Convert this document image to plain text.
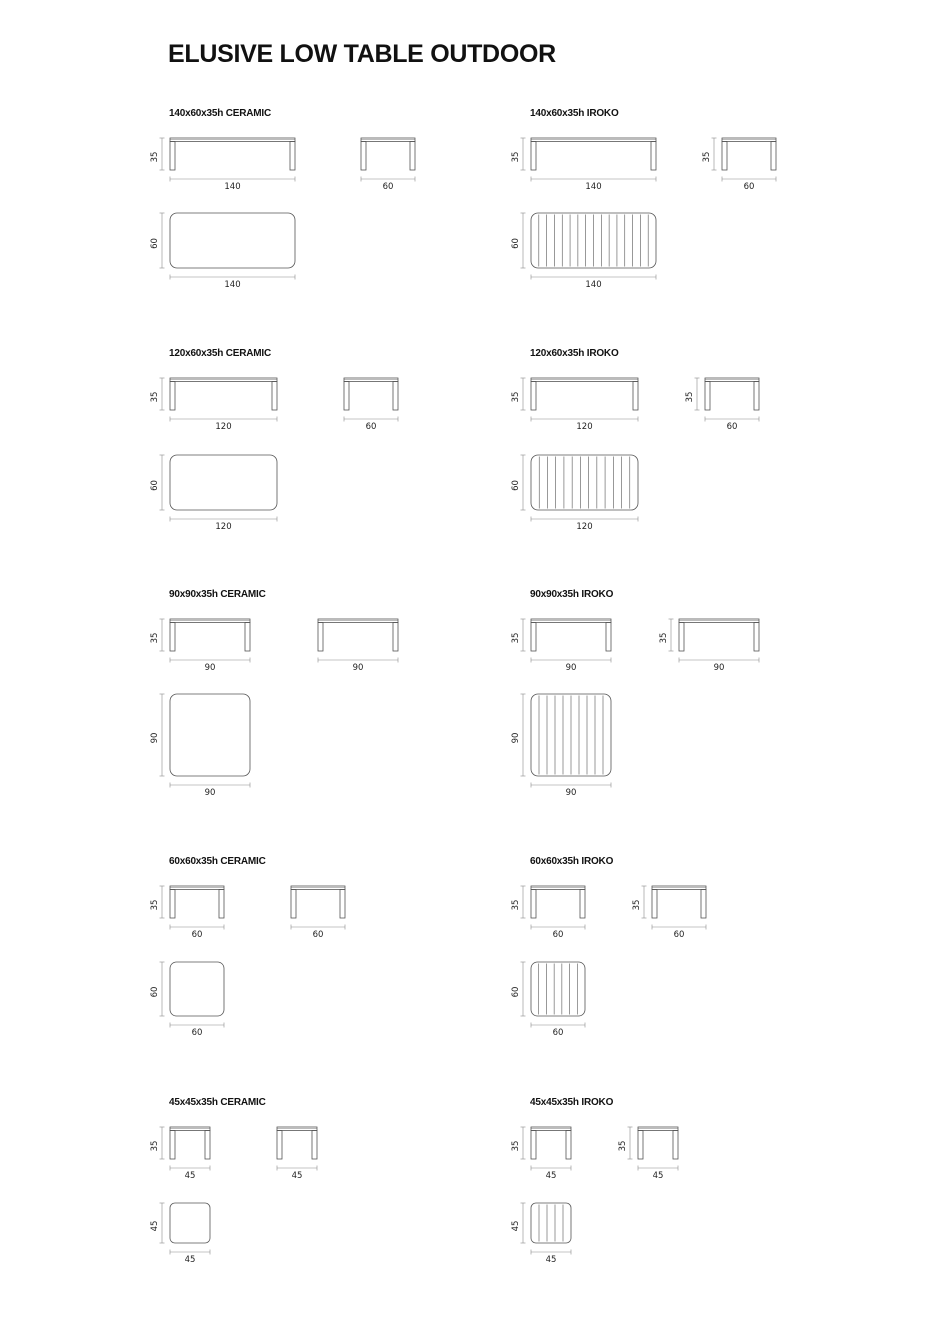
ELUSIVE LOW TABLE OUTDOOR
140x60x35h CERAMIC	140x60x35h IROKO
120x60x35h CERAMIC	120x60x35h IROKO
90x90x35h CERAMIC	90x90x35h IROKO
60x60x35h CERAMIC	60x60x35h IROKO
45x45x35h CERAMIC	45x45x35h IROKO
35
140	60
60
140
35
140
35
60
60
140
35
120	60
60
120
35
120
35
60
60
120
35
90	90
90
90
35
90
35
90
90
90
35
60	60
60
60
35
60
35
60
60
60
35
45	45
45
45
35
45
35
45
45
45
